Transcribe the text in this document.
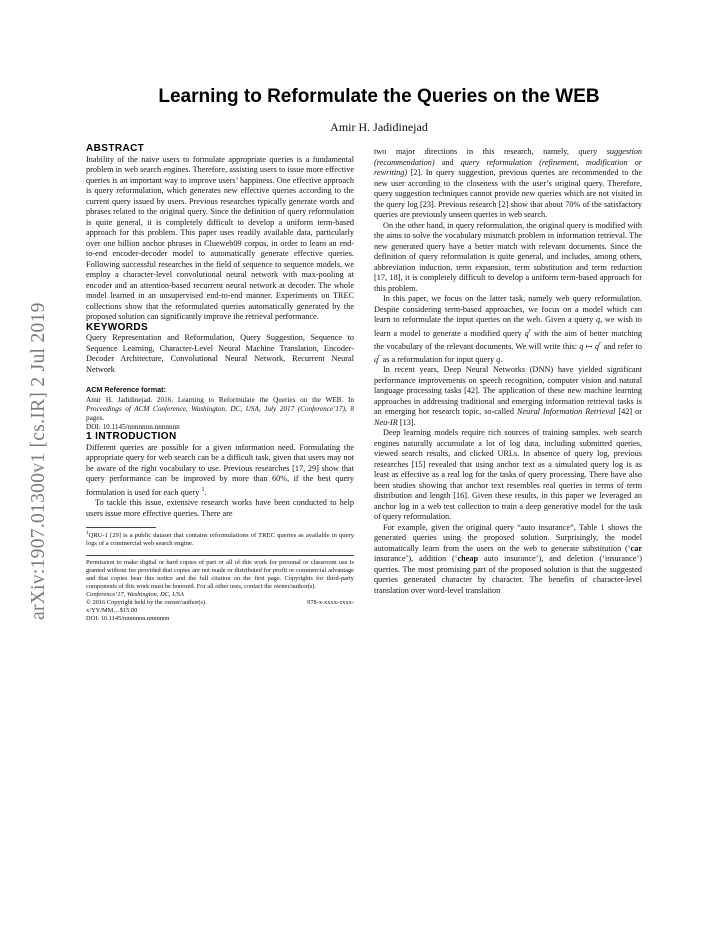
arXiv:1907.01300v1 [cs.IR] 2 Jul 2019
Learning to Reformulate the Queries on the WEB
Amir H. Jadidinejad
ABSTRACT

Inability of the naive users to formulate appropriate queries is a fundamental problem in web search engines. Therefore, assisting users to issue more effective queries is an important way to improve users’ happiness. One effective approach is query reformulation, which generates new effective queries according to the current query issued by users. Previous researches typically generate words and phrases related to the original query. Since the definition of query reformulation is quite general, it is completely difficult to develop a uniform term-based approach for this problem. This paper uses readily available data, particularly over one billion anchor phrases in Clueweb09 corpus, in order to learn an end-to-end encoder-decoder model to automatically generate effective queries. Following successful researches in the field of sequence to sequence models, we employ a character-level convolutional neural network with max-pooling at encoder and an attention-based recurrent neural network at decoder. The whole model learned in an unsupervised end-to-end manner. Experiments on TREC collections show that the reformulated queries automatically generated by the proposed solution can significantly improve the retrieval performance.

KEYWORDS

Query Representation and Reformulation, Query Suggestion, Sequence to Sequence Learning, Character-Level Neural Machine Translation, Encoder-Decoder Architecture, Convolutional Neural Network, Recurrent Neural Network

ACM Reference format:

Amir H. Jadidinejad. 2016. Learning to Reformulate the Queries on the WEB. In Proceedings of ACM Conference, Washington, DC, USA, July 2017 (Conference’17), 8 pages.

DOI: 10.1145/nnnnnnn.nnnnnnn

1 INTRODUCTION

Different queries are possible for a given information need. Formulating the appropriate query for web search can be a difficult task, given that users may not be aware of the right vocabulary to use. Previous researches [17, 29] show that query performance can be improved by more than 60%, if the best query formulation is used for each query $^1$.

To tackle this issue, extensive research works have been conducted to help users issue more effective queries. There are

$^1$QRU-1 [29] is a public dataset that contains reformulations of TREC queries as available in query logs of a commercial web search engine.

Permission to make digital or hard copies of part or all of this work for personal or classroom use is granted without fee provided that copies are not made or distributed for profit or commercial advantage and that copies bear this notice and the full citation on the first page. Copyrights for third-party components of this work must be honored. For all other uses, contact the owner/author(s).

Conference’17, Washington, DC, USA

© 2016 Copyright held by the owner/author(s).	978-x-xxxx-xxxx-

x/YY/MM…$15.00

DOI: 10.1145/nnnnnnn.nnnnnnn

two major directions in this research, namely, query suggestion (recommendation) and query reformulation (refinement, modification or rewriting) [2]. In query suggestion, previous queries are recommended to the new user according to the closeness with the user’s original query. Therefore, query suggestion techniques cannot provide new queries which are not visited in the query log [23]. Previous research [2] show that about 70% of the satisfactory queries are previously unseen queries in web search.

On the other hand, in query reformulation, the original query is modified with the aims to solve the vocabulary mismatch problem in information retrieval. The new generated query have a better match with relevant documents. Since the definition of query reformulation is quite general, and includes, among others, abbreviation induction, term expansion, term substitution and term reduction [17, 18], it is completely difficult to develop a uniform term-based approach for this problem.

In this paper, we focus on the latter task, namely web query reformulation. Despite considering term-based approaches, we focus on a model which can learn to reformulate the input queries on the web. Given a query q, we wish to learn a model to generate a modified query $q^r$ with the aim of better matching the vocabulary of the relevant documents. We will write this: q ↦ $q^r$ and refer to $q^r$ as a reformulation for input query q.

In recent years, Deep Neural Networks (DNN) have yielded significant performance improvements on speech recognition, computer vision and natural language processing tasks [42]. The application of these new machine learning approaches in addressing traditional and emerging information retrieval tasks is an emerging hot research topic, so-called Neural Information Retrieval [42] or Neu-IR [13].

Deep learning models require rich sources of training samples. web search engines naturally accumulate a lot of log data, including submitted queries, viewed search results, and clicked URLs. In absence of query log, previous researches [15] revealed that using anchor text as a simulated query log is as least as effective as a real log for the tasks of query processing. There have also been studies showing that anchor text resembles real queries in terms of term distribution and length [16]. Given these results, in this paper we leveraged an anchor log in a web test collection to train a deep generative model for the task of query reformulation.

For example, given the original query “auto insurance”, Table 1 shows the generated queries using the proposed solution. Surprisingly, the model automatically learn from the users on the web to generate substitution (‘car insurance’), addition (‘cheap auto insurance’), and deletion (‘insurance’) queries. The most promising part of the proposed solution is that the suggested queries generated character by character. The benefits of character-level translation over word-level translation
